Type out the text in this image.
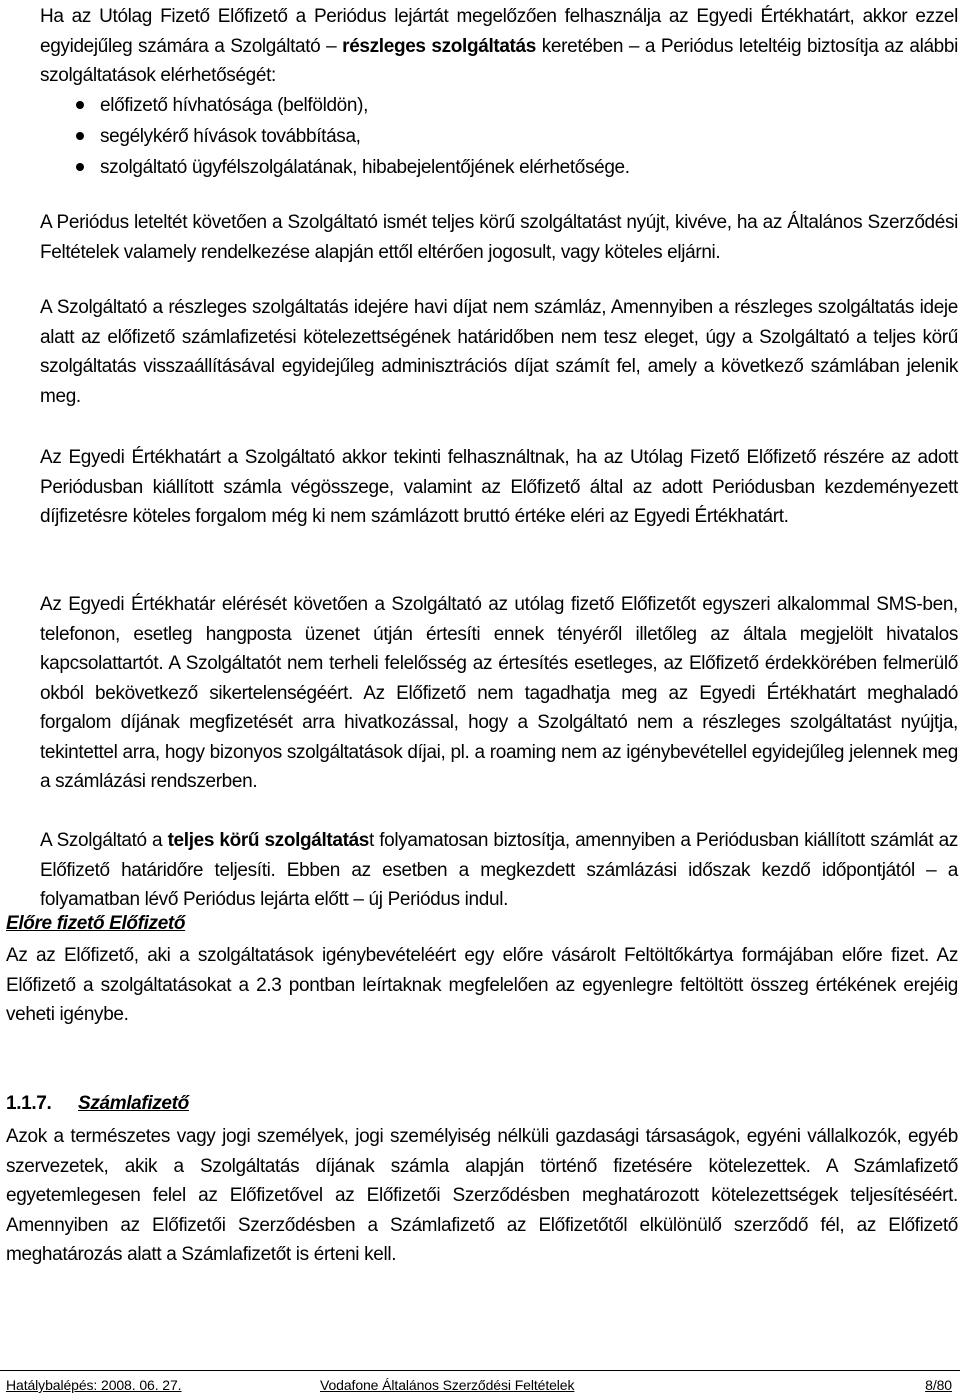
Ha az Utólag Fizető Előfizető a Periódus lejártát megelőzően felhasználja az Egyedi Értékhatárt, akkor ezzel egyidejűleg számára a Szolgáltató – részleges szolgáltatás keretében – a Periódus leteltéig biztosítja az alábbi szolgáltatások elérhetőségét:
előfizető hívhatósága (belföldön),
segélykérő hívások továbbítása,
szolgáltató ügyfélszolgálatának, hibabejelentőjének elérhetősége.
A Periódus leteltét követően a Szolgáltató ismét teljes körű szolgáltatást nyújt, kivéve, ha az Általános Szerződési Feltételek valamely rendelkezése alapján ettől eltérően jogosult, vagy köteles eljárni.
A Szolgáltató a részleges szolgáltatás idejére havi díjat nem számláz, Amennyiben a részleges szolgáltatás ideje alatt az előfizető számlafizetési kötelezettségének határidőben nem tesz eleget, úgy a Szolgáltató a teljes körű szolgáltatás visszaállításával egyidejűleg adminisztrációs díjat számít fel, amely a következő számlában jelenik meg.
Az Egyedi Értékhatárt a Szolgáltató akkor tekinti felhasználtnak, ha az Utólag Fizető Előfizető részére az adott Periódusban kiállított számla végösszege, valamint az Előfizető által az adott Periódusban kezdeményezett díjfizetésre köteles forgalom még ki nem számlázott bruttó értéke eléri az Egyedi Értékhatárt.
Az Egyedi Értékhatár elérését követően a Szolgáltató az utólag fizető Előfizetőt egyszeri alkalommal SMS-ben, telefonon, esetleg hangposta üzenet útján értesíti ennek tényéről illetőleg az általa megjelölt hivatalos kapcsolattartót. A Szolgáltatót nem terheli felelősség az értesítés esetleges, az Előfizető érdekkörében felmerülő okból bekövetkező sikertelenségéért. Az Előfizető nem tagadhatja meg az Egyedi Értékhatárt meghaladó forgalom díjának megfizetését arra hivatkozással, hogy a Szolgáltató nem a részleges szolgáltatást nyújtja, tekintettel arra, hogy bizonyos szolgáltatások díjai, pl. a roaming nem az igénybevétellel egyidejűleg jelennek meg a számlázási rendszerben.
A Szolgáltató a teljes körű szolgáltatást folyamatosan biztosítja, amennyiben a Periódusban kiállított számlát az Előfizető határidőre teljesíti. Ebben az esetben a megkezdett számlázási időszak kezdő időpontjától – a folyamatban lévő Periódus lejárta előtt – új Periódus indul.
Előre fizető Előfizető
Az az Előfizető, aki a szolgáltatások igénybevételéért egy előre vásárolt Feltöltőkártya formájában előre fizet. Az Előfizető a szolgáltatásokat a 2.3 pontban leírtaknak megfelelően az egyenlegre feltöltött összeg értékének erejéig veheti igénybe.
1.1.7. Számlafizető
Azok a természetes vagy jogi személyek, jogi személyiség nélküli gazdasági társaságok, egyéni vállalkozók, egyéb szervezetek, akik a Szolgáltatás díjának számla alapján történő fizetésére kötelezettek. A Számlafizető egyetemlegesen felel az Előfizetővel az Előfizetői Szerződésben meghatározott kötelezettségek teljesítéséért. Amennyiben az Előfizetői Szerződésben a Számlafizető az Előfizetőtől elkülönülő szerződő fél, az Előfizető meghatározás alatt a Számlafizetőt is érteni kell.
Hatálybalépés: 2008. 06. 27.	Vodafone Általános Szerződési Feltételek	8/80
